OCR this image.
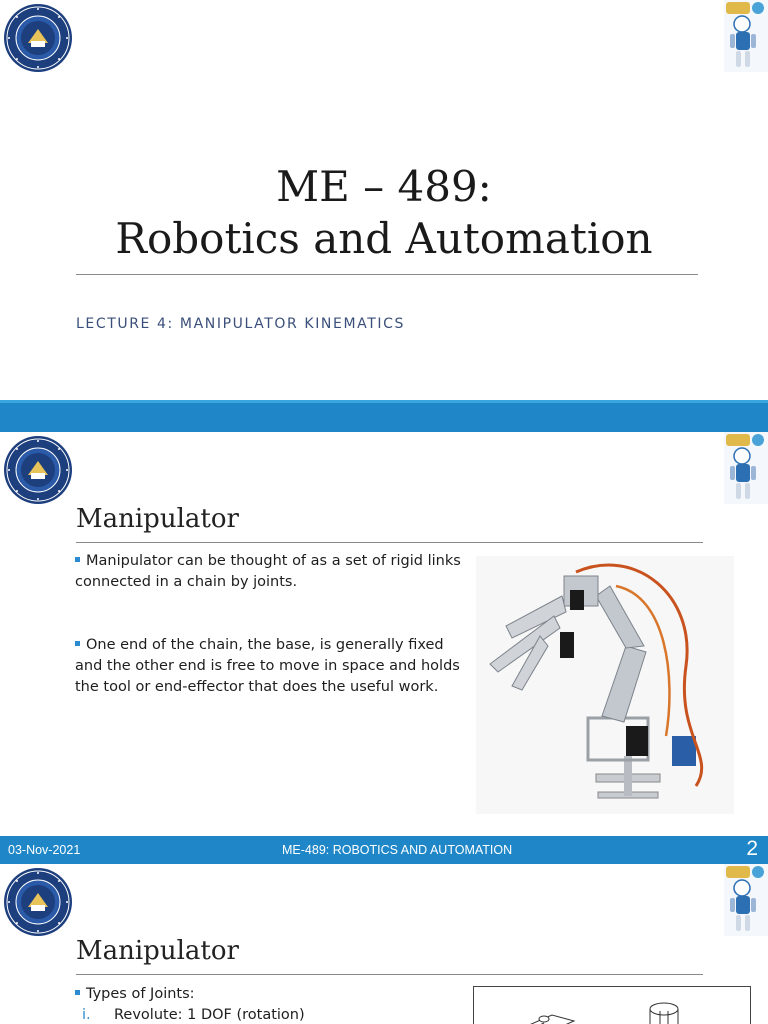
ME – 489:
Robotics and Automation
LECTURE 4: MANIPULATOR KINEMATICS
Manipulator
Manipulator can be thought of as a set of rigid links connected in a chain by joints.
One end of the chain, the base, is generally fixed and the other end is free to move in space and holds the tool or end-effector that does the useful work.
03-Nov-2021	ME-489: ROBOTICS AND AUTOMATION	2
Manipulator
Types of Joints:
i. Revolute: 1 DOF (rotation)
